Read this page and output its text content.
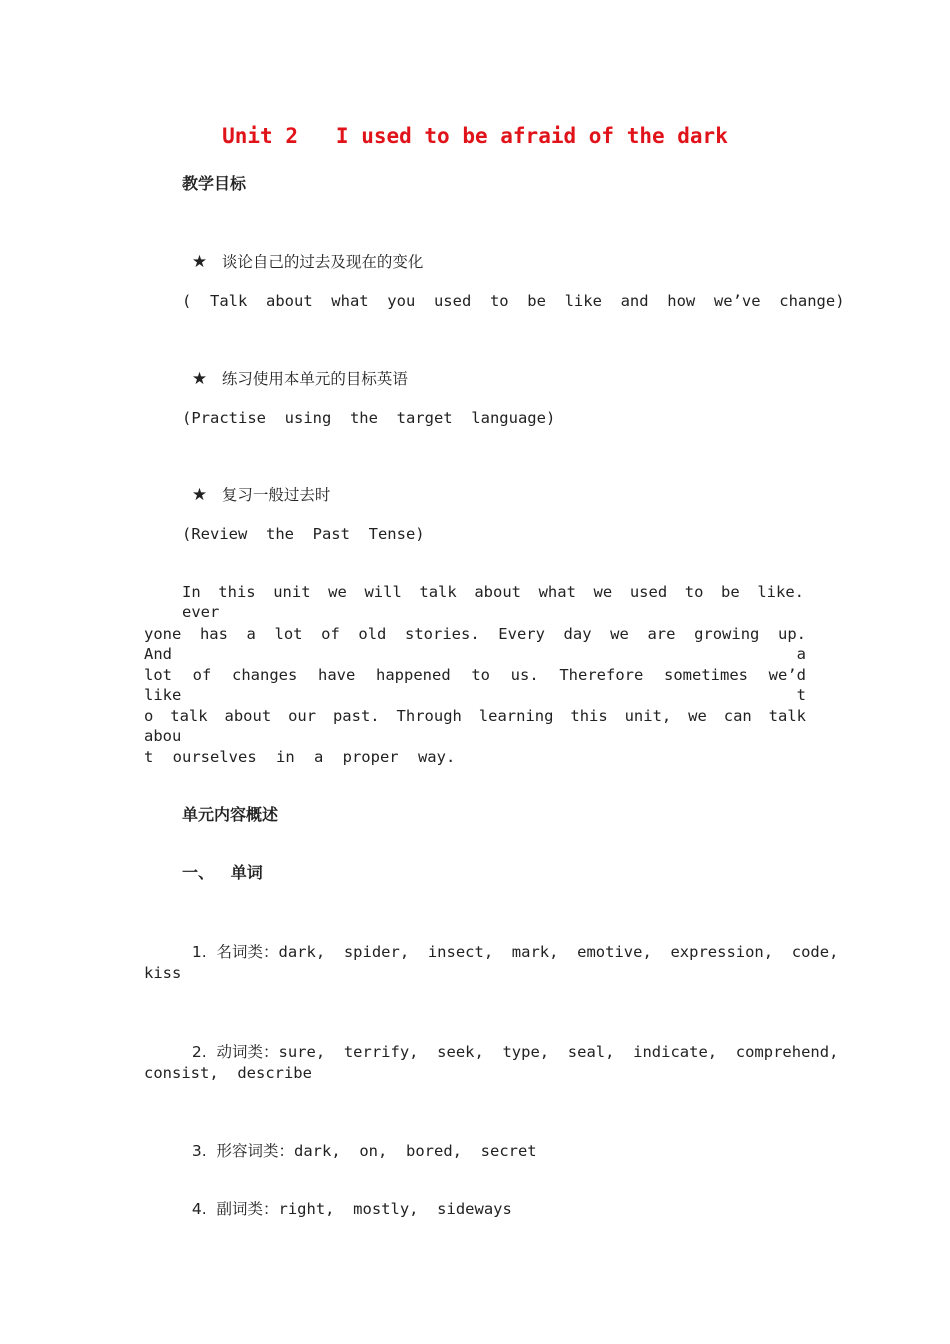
Unit 2   I used to be afraid of the dark
教学目标

★ 谈论自己的过去及现在的变化

(  Talk  about  what  you  used  to  be  like  and  how  we’ve  change)

★ 练习使用本单元的目标英语

(Practise  using  the  target  language)

★ 复习一般过去时

(Review  the  Past  Tense)
In this unit we will talk about what we used to be like. ever
yone has a lot of old stories. Every day we are growing up. And a
lot of changes have happened to us. Therefore sometimes we’d like t
o talk about our past. Through learning this unit, we can talk abou
t ourselves in a proper way.
单元内容概述
一、   单词

1.  名词类：dark,  spider,  insect,  mark,  emotive,  expression,  code,

kiss

2.  动词类：sure,  terrify,  seek,  type,  seal,  indicate,  comprehend,

consist,  describe

3.  形容词类：dark,  on,  bored,  secret

4.  副词类：right,  mostly,  sideways
